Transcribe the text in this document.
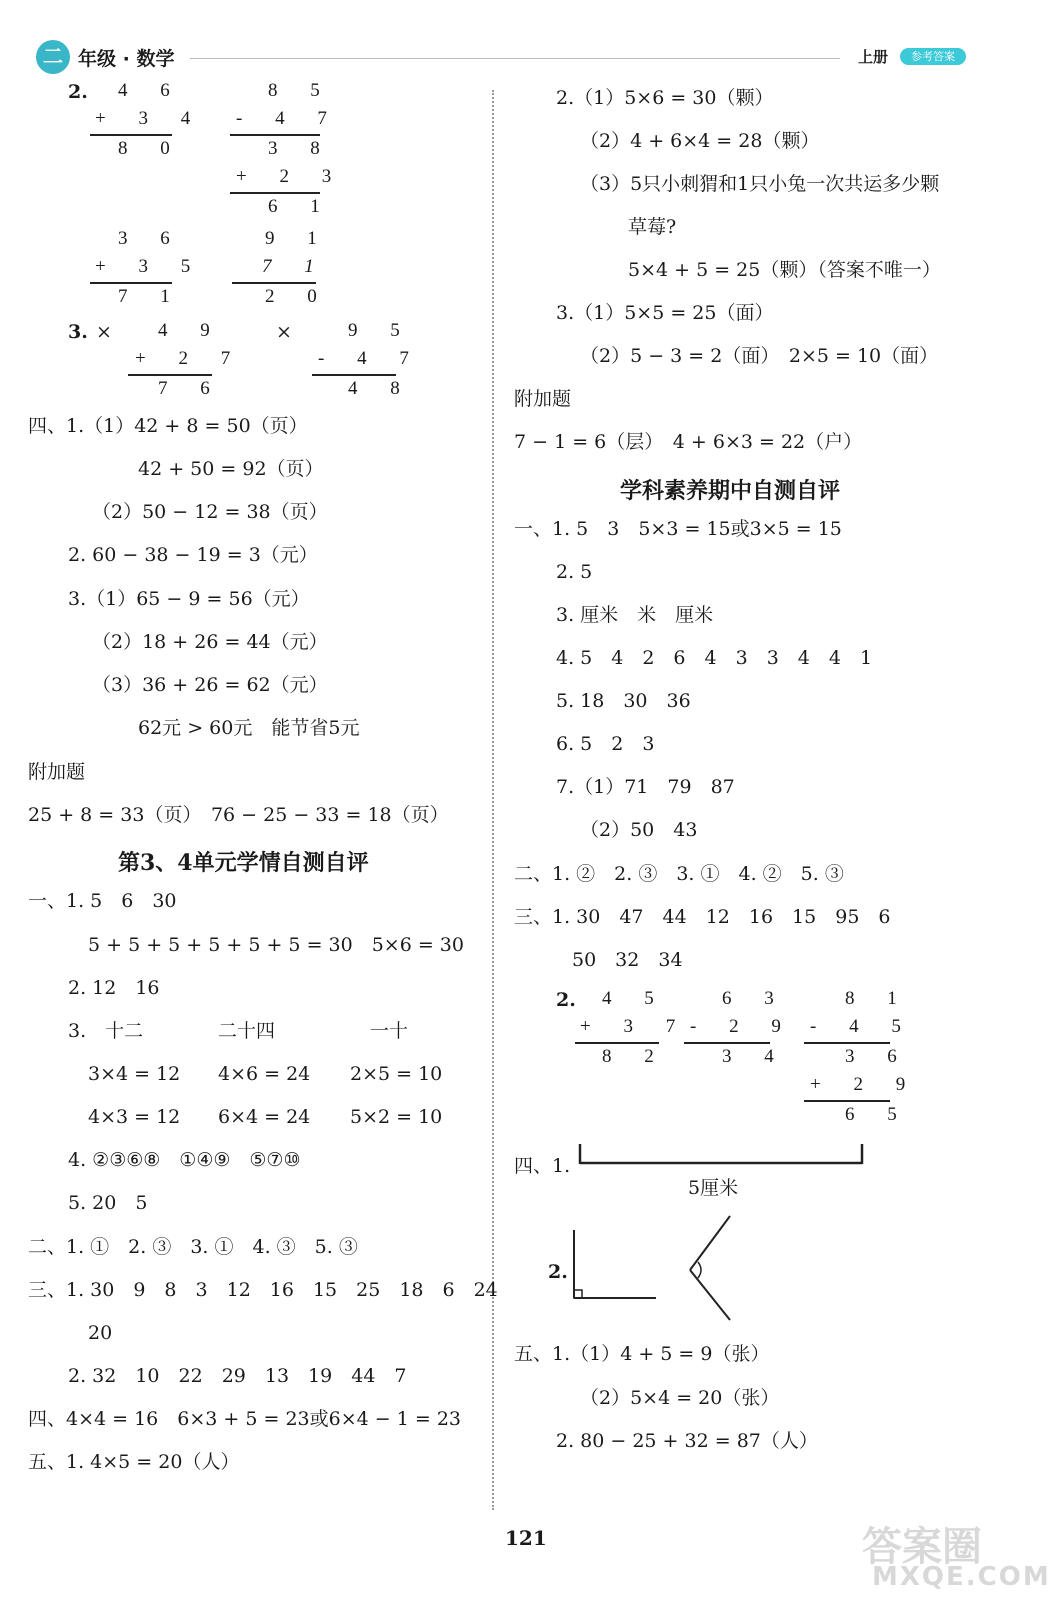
二 年级 · 数学	上册	参考答案
2. 4 6
+ 3 4
8 0
8 5
- 4 7
3 8
+ 2 3
6 1
3 6
+ 3 5
7 1
9 1
7 1
2 0
3. ×	×
4 9
+ 2 7
7 6
9 5
- 4 7
4 8
四、1.（1）42 + 8 = 50（页）
42 + 50 = 92（页）
（2）50 − 12 = 38（页）
2. 60 − 38 − 19 = 3（元）
3.（1）65 − 9 = 56（元）
（2）18 + 26 = 44（元）
（3）36 + 26 = 62（元）
62元 > 60元　能节省5元
附加题
25 + 8 = 33（页）　76 − 25 − 33 = 18（页）
第3、4单元学情自测自评
一、1. 5　6　30
5 + 5 + 5 + 5 + 5 + 5 = 30　5×6 = 30
2. 12　16
3.　十二	二十四	一十
3×4 = 12 4×6 = 24 2×5 = 10
4×3 = 12 6×4 = 24 5×2 = 10
4. ②③⑥⑧　①④⑨　⑤⑦⑩
5. 20　5
二、1. ①　2. ③　3. ①　4. ③　5. ③
三、1. 30　9　8　3　12　16　15　25　18　6　24
20
2. 32　10　22　29　13　19　44　7
四、4×4 = 16　6×3 + 5 = 23或6×4 − 1 = 23
五、1. 4×5 = 20（人）
2.（1）5×6 = 30（颗）
（2）4 + 6×4 = 28（颗）
（3）5只小刺猬和1只小兔一次共运多少颗
草莓?
5×4 + 5 = 25（颗）（答案不唯一）
3.（1）5×5 = 25（面）
（2）5 − 3 = 2（面）　2×5 = 10（面）
附加题
7 − 1 = 6（层）　4 + 6×3 = 22（户）
学科素养期中自测自评
一、1. 5　3　5×3 = 15或3×5 = 15
2. 5
3. 厘米　米　厘米
4. 5　4　2　6　4　3　3　4　4　1
5. 18　30　36
6. 5　2　3
7.（1）71　79　87
（2）50　43
二、1. ②　2. ③　3. ①　4. ②　5. ③
三、1. 30　47　44　12　16　15　95　6
50　32　34
2. 4 5
+ 3 7
8 2
6 3
- 2 9
3 4
8 1
- 4 5
3 6
+ 2 9
6 5
四、1.
5厘米
2.
五、1.（1）4 + 5 = 9（张）
（2）5×4 = 20（张）
2. 80 − 25 + 32 = 87（人）
121	答案圈
MXQE.COM
